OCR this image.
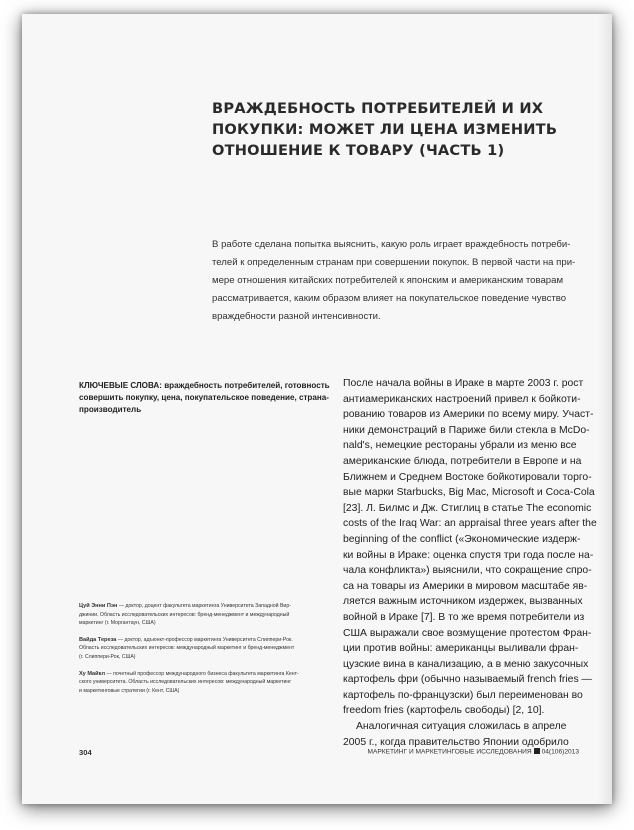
ВРАЖДЕБНОСТЬ ПОТРЕБИТЕЛЕЙ И ИХ
ПОКУПКИ: МОЖЕТ ЛИ ЦЕНА ИЗМЕНИТЬ
ОТНОШЕНИЕ К ТОВАРУ (ЧАСТЬ 1)
В работе сделана попытка выяснить, какую роль играет враждебность потреби-
телей к определенным странам при совершении покупок. В первой части на при-
мере отношения китайских потребителей к японским и американским товарам
рассматривается, каким образом влияет на покупательское поведение чувство
враждебности разной интенсивности.
КЛЮЧЕВЫЕ СЛОВА: враждебность потребителей, готовность
совершить покупку, цена, покупательское поведение, страна-
производитель
Цуй Энни Пэн — доктор, доцент факультета маркетинга Университета Западной Вир-
джинии. Область исследовательских интересов: бренд-менеджмент и международный
маркетинг (г. Моргантаун, США)
Вайда Тереза — доктор, адъюнкт-профессор маркетинга Университета Слиппери-Рок.
Область исследовательских интересов: международный маркетинг и бренд-менеджмент
(г. Слиппери-Рок, США)
Ху Майкл — почетный профессор международного бизнеса факультета маркетинга Кент-
ского университета. Область исследовательских интересов: международный маркетинг
и маркетинговые стратегии (г. Кент, США)
После начала войны в Ираке в марте 2003 г. рост
антиамериканских настроений привел к бойкоти-
рованию товаров из Америки по всему миру. Участ-
ники демонстраций в Париже били стекла в McDo-
nald's, немецкие рестораны убрали из меню все
американские блюда, потребители в Европе и на
Ближнем и Среднем Востоке бойкотировали торго-
вые марки Starbucks, Big Mac, Microsoft и Coca-Cola
[23]. Л. Билмс и Дж. Стиглиц в статье The economic
costs of the Iraq War: an appraisal three years after the
beginning of the conflict («Экономические издерж-
ки войны в Ираке: оценка спустя три года после на-
чала конфликта») выяснили, что сокращение спро-
са на товары из Америки в мировом масштабе яв-
ляется важным источником издержек, вызванных
войной в Ираке [7]. В то же время потребители из
США выражали свое возмущение протестом Фран-
ции против войны: американцы выливали фран-
цузские вина в канализацию, а в меню закусочных
картофель фри (обычно называемый french fries —
картофель по-французски) был переименован во
freedom fries (картофель свободы) [2, 10].
Аналогичная ситуация сложилась в апреле
2005 г., когда правительство Японии одобрило
304	МАРКЕТИНГ И МАРКЕТИНГОВЫЕ ИССЛЕДОВАНИЯ 04(106)2013
